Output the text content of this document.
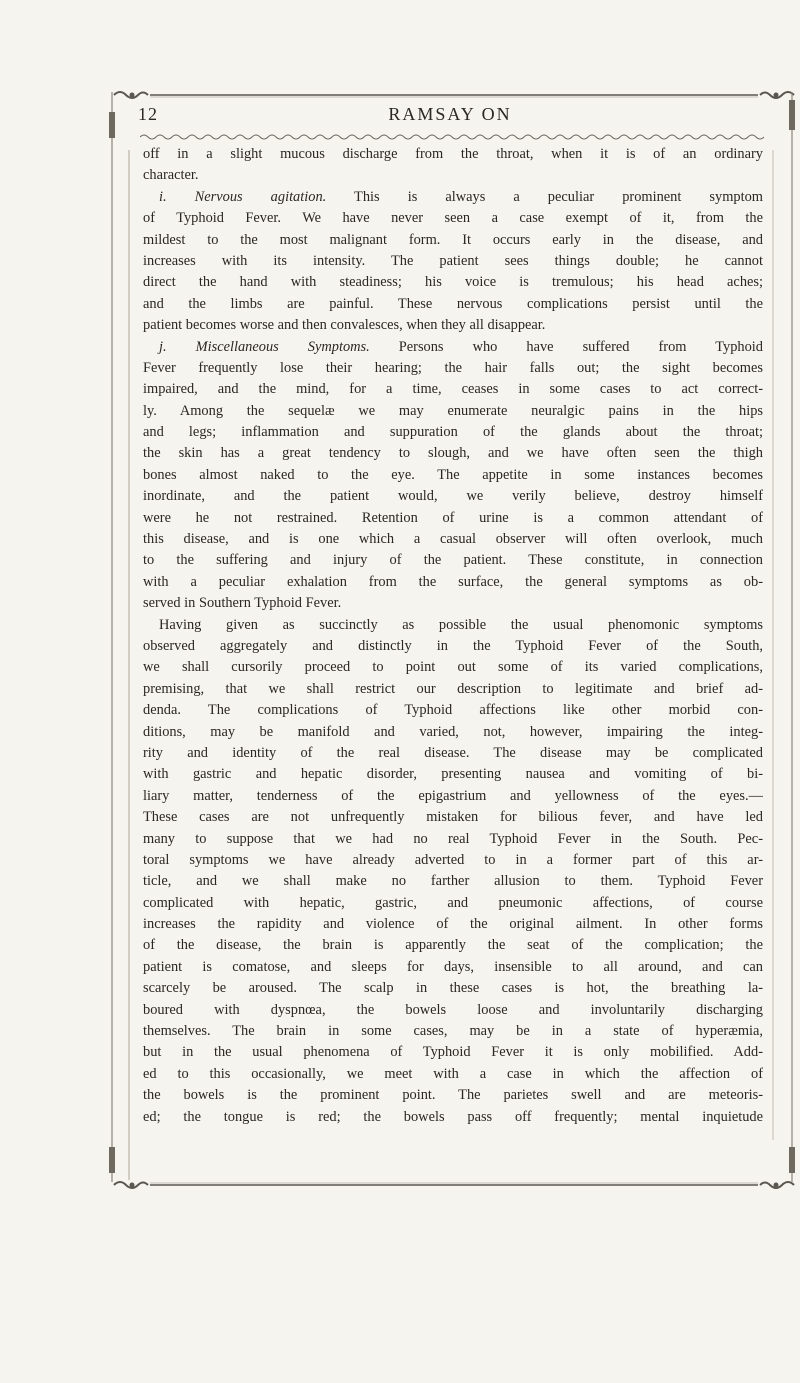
12	RAMSAY ON
off in a slight mucous discharge from the throat, when it is of an ordinary
character.
i. Nervous agitation. This is always a peculiar prominent symptom
of Typhoid Fever. We have never seen a case exempt of it, from the
mildest to the most malignant form. It occurs early in the disease, and
increases with its intensity. The patient sees things double; he cannot
direct the hand with steadiness; his voice is tremulous; his head aches;
and the limbs are painful. These nervous complications persist until the
patient becomes worse and then convalesces, when they all disappear.
j. Miscellaneous Symptoms. Persons who have suffered from Typhoid
Fever frequently lose their hearing; the hair falls out; the sight becomes
impaired, and the mind, for a time, ceases in some cases to act correct-
ly. Among the sequelæ we may enumerate neuralgic pains in the hips
and legs; inflammation and suppuration of the glands about the throat;
the skin has a great tendency to slough, and we have often seen the thigh
bones almost naked to the eye. The appetite in some instances becomes
inordinate, and the patient would, we verily believe, destroy himself
were he not restrained. Retention of urine is a common attendant of
this disease, and is one which a casual observer will often overlook, much
to the suffering and injury of the patient. These constitute, in connection
with a peculiar exhalation from the surface, the general symptoms as ob-
served in Southern Typhoid Fever.
Having given as succinctly as possible the usual phenomonic symptoms
observed aggregately and distinctly in the Typhoid Fever of the South,
we shall cursorily proceed to point out some of its varied complications,
premising, that we shall restrict our description to legitimate and brief ad-
denda. The complications of Typhoid affections like other morbid con-
ditions, may be manifold and varied, not, however, impairing the integ-
rity and identity of the real disease. The disease may be complicated
with gastric and hepatic disorder, presenting nausea and vomiting of bi-
liary matter, tenderness of the epigastrium and yellowness of the eyes.—
These cases are not unfrequently mistaken for bilious fever, and have led
many to suppose that we had no real Typhoid Fever in the South. Pec-
toral symptoms we have already adverted to in a former part of this ar-
ticle, and we shall make no farther allusion to them. Typhoid Fever
complicated with hepatic, gastric, and pneumonic affections, of course
increases the rapidity and violence of the original ailment. In other forms
of the disease, the brain is apparently the seat of the complication; the
patient is comatose, and sleeps for days, insensible to all around, and can
scarcely be aroused. The scalp in these cases is hot, the breathing la-
boured with dyspnœa, the bowels loose and involuntarily discharging
themselves. The brain in some cases, may be in a state of hyperæmia,
but in the usual phenomena of Typhoid Fever it is only mobilified. Add-
ed to this occasionally, we meet with a case in which the affection of
the bowels is the prominent point. The parietes swell and are meteoris-
ed; the tongue is red; the bowels pass off frequently; mental inquietude
